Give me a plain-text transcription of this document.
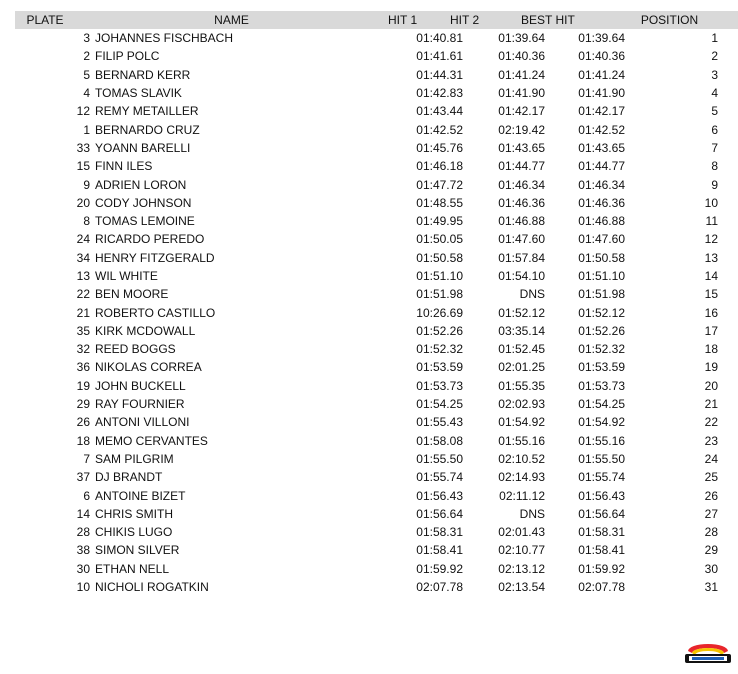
PLATE	NAME	HIT 1	HIT 2	BEST HIT	POSITION
3 JOHANNES FISCHBACH	01:40.81	01:39.64	01:39.64	1
2 FILIP POLC	01:41.61	01:40.36	01:40.36	2
5 BERNARD KERR	01:44.31	01:41.24	01:41.24	3
4 TOMAS SLAVIK	01:42.83	01:41.90	01:41.90	4
12 REMY METAILLER	01:43.44	01:42.17	01:42.17	5
1 BERNARDO CRUZ	01:42.52	02:19.42	01:42.52	6
33 YOANN BARELLI	01:45.76	01:43.65	01:43.65	7
15 FINN ILES	01:46.18	01:44.77	01:44.77	8
9 ADRIEN LORON	01:47.72	01:46.34	01:46.34	9
20 CODY JOHNSON	01:48.55	01:46.36	01:46.36	10
8 TOMAS LEMOINE	01:49.95	01:46.88	01:46.88	11
24 RICARDO PEREDO	01:50.05	01:47.60	01:47.60	12
34 HENRY FITZGERALD	01:50.58	01:57.84	01:50.58	13
13 WIL WHITE	01:51.10	01:54.10	01:51.10	14
22 BEN MOORE	01:51.98	DNS	01:51.98	15
21 ROBERTO CASTILLO	10:26.69	01:52.12	01:52.12	16
35 KIRK MCDOWALL	01:52.26	03:35.14	01:52.26	17
32 REED BOGGS	01:52.32	01:52.45	01:52.32	18
36 NIKOLAS CORREA	01:53.59	02:01.25	01:53.59	19
19 JOHN BUCKELL	01:53.73	01:55.35	01:53.73	20
29 RAY FOURNIER	01:54.25	02:02.93	01:54.25	21
26 ANTONI VILLONI	01:55.43	01:54.92	01:54.92	22
18 MEMO CERVANTES	01:58.08	01:55.16	01:55.16	23
7 SAM PILGRIM	01:55.50	02:10.52	01:55.50	24
37 DJ BRANDT	01:55.74	02:14.93	01:55.74	25
6 ANTOINE BIZET	01:56.43	02:11.12	01:56.43	26
14 CHRIS SMITH	01:56.64	DNS	01:56.64	27
28 CHIKIS LUGO	01:58.31	02:01.43	01:58.31	28
38 SIMON SILVER	01:58.41	02:10.77	01:58.41	29
30 ETHAN NELL	01:59.92	02:13.12	01:59.92	30
10 NICHOLI ROGATKIN	02:07.78	02:13.54	02:07.78	31
